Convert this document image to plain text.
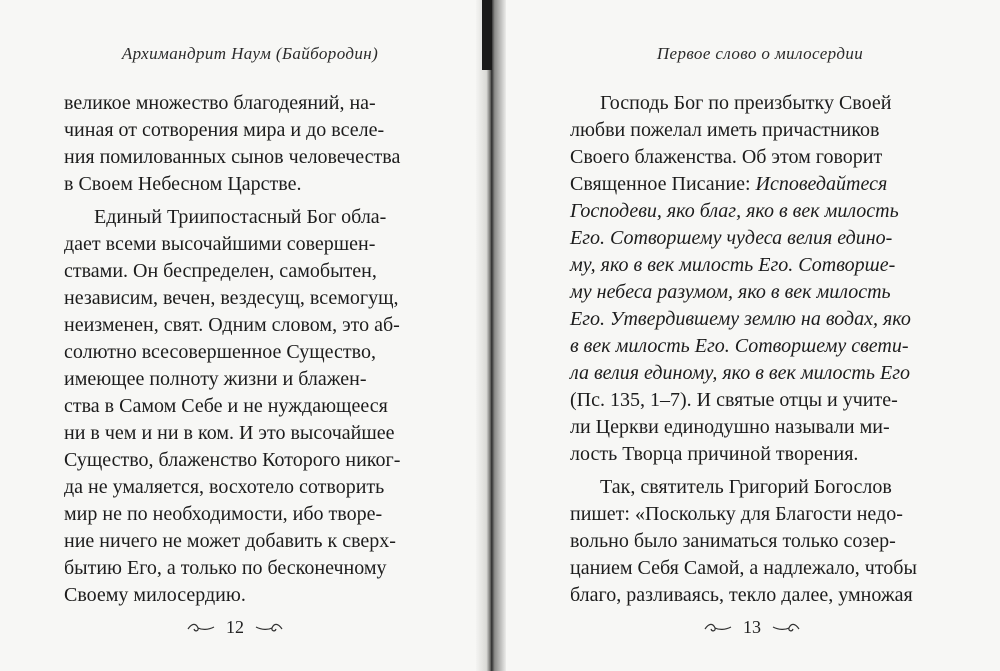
Архимандрит Наум (Байбородин)
великое множество благодеяний, на-
чиная от сотворения мира и до вселе-
ния помилованных сынов человечества
в Своем Небесном Царстве.
Единый Триипостасный Бог обла-
дает всеми высочайшими совершен-
ствами. Он беспределен, самобытен,
независим, вечен, вездесущ, всемогущ,
неизменен, свят. Одним словом, это аб-
солютно всесовершенное Существо,
имеющее полноту жизни и блажен-
ства в Самом Себе и не нуждающееся
ни в чем и ни в ком. И это высочайшее
Существо, блаженство Которого никог-
да не умаляется, восхотело сотворить
мир не по необходимости, ибо творе-
ние ничего не может добавить к сверх-
бытию Его, а только по бесконечному
Своему милосердию.
12
Первое слово о милосердии
Господь Бог по преизбытку Своей
любви пожелал иметь причастников
Своего блаженства. Об этом говорит
Священное Писание: Исповедайтеся
Господеви, яко благ, яко в век милость
Его. Сотворшему чудеса велия едино-
му, яко в век милость Его. Сотворше-
му небеса разумом, яко в век милость
Его. Утвердившему землю на водах, яко
в век милость Его. Сотворшему свети-
ла велия единому, яко в век милость Его
(Пс. 135, 1–7). И святые отцы и учите-
ли Церкви единодушно называли ми-
лость Творца причиной творения.
Так, святитель Григорий Богослов
пишет: «Поскольку для Благости недо-
вольно было заниматься только созер-
цанием Себя Самой, а надлежало, чтобы
благо, разливаясь, текло далее, умножая
13
